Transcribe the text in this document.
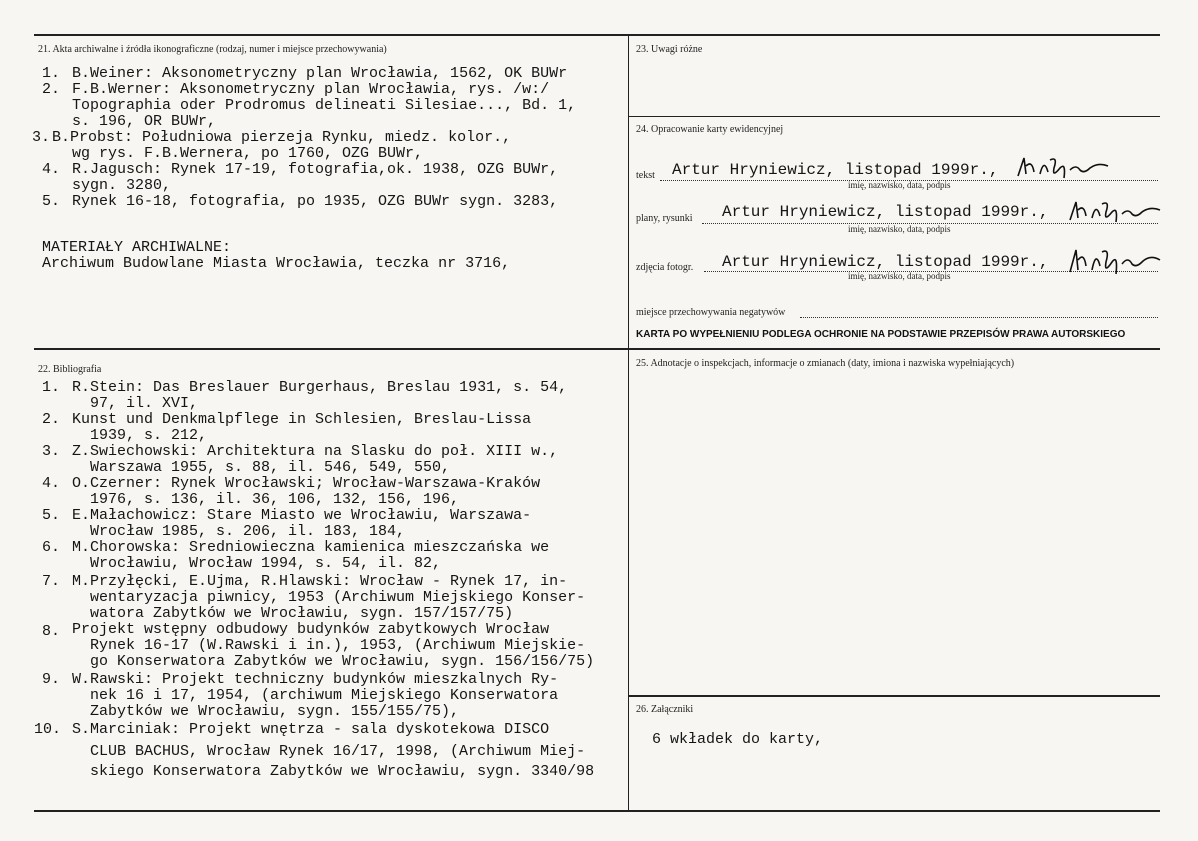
21. Akta archiwalne i źródła ikonograficzne (rodzaj, numer i miejsce przechowywania)
1. B.Weiner: Aksonometryczny plan Wrocławia, 1562, OK BUWr
2. F.B.Werner: Aksonometryczny plan Wrocławia, rys. /w:/
Topographia oder Prodromus delineati Silesiae..., Bd. 1,
s. 196, OR BUWr,
3. B.Probst: Południowa pierzeja Rynku, miedz. kolor.,
wg rys. F.B.Wernera, po 1760, OZG BUWr,
4. R.Jagusch: Rynek 17-19, fotografia,ok. 1938, OZG BUWr,
sygn. 3280,
5. Rynek 16-18, fotografia, po 1935, OZG BUWr sygn. 3283,
MATERIAŁY ARCHIWALNE:
Archiwum Budowlane Miasta Wrocławia, teczka nr 3716,
22. Bibliografia
1. R.Stein: Das Breslauer Burgerhaus, Breslau 1931, s. 54,
97, il. XVI,
2. Kunst und Denkmalpflege in Schlesien, Breslau-Lissa
1939, s. 212,
3. Z.Swiechowski: Architektura na Slasku do poł. XIII w.,
Warszawa 1955, s. 88, il. 546, 549, 550,
4. O.Czerner: Rynek Wrocławski; Wrocław-Warszawa-Kraków
1976, s. 136, il. 36, 106, 132, 156, 196,
5. E.Małachowicz: Stare Miasto we Wrocławiu, Warszawa-
Wrocław 1985, s. 206, il. 183, 184,
6. M.Chorowska: Sredniowieczna kamienica mieszczańska we
Wrocławiu, Wrocław 1994, s. 54, il. 82,
7. M.Przyłęcki, E.Ujma, R.Hlawski: Wrocław - Rynek 17, in-
wentaryzacja piwnicy, 1953 (Archiwum Miejskiego Konser-
watora Zabytków we Wrocławiu, sygn. 157/157/75)
8. Projekt wstępny odbudowy budynków zabytkowych Wrocław
Rynek 16-17 (W.Rawski i in.), 1953, (Archiwum Miejskie-
go Konserwatora Zabytków we Wrocławiu, sygn. 156/156/75)
9. W.Rawski: Projekt techniczny budynków mieszkalnych Ry-
nek 16 i 17, 1954, (archiwum Miejskiego Konserwatora
Zabytków we Wrocławiu, sygn. 155/155/75),
10. S.Marciniak: Projekt wnętrza - sala dyskotekowa DISCO
CLUB BACHUS, Wrocław Rynek 16/17, 1998, (Archiwum Miej-
skiego Konserwatora Zabytków we Wrocławiu, sygn. 3340/98
23. Uwagi różne
24. Opracowanie karty ewidencyjnej
tekst Artur Hryniewicz, listopad 1999r.,
imię, nazwisko, data, podpis
plany, rysunki Artur Hryniewicz, listopad 1999r.,
imię, nazwisko, data, podpis
zdjęcia fotogr. Artur Hryniewicz, listopad 1999r.,
imię, nazwisko, data, podpis
miejsce przechowywania negatywów
KARTA PO WYPEŁNIENIU PODLEGA OCHRONIE NA PODSTAWIE PRZEPISÓW PRAWA AUTORSKIEGO
25. Adnotacje o inspekcjach, informacje o zmianach (daty, imiona i nazwiska wypełniających)
26. Załączniki
6 wkładek do karty,
